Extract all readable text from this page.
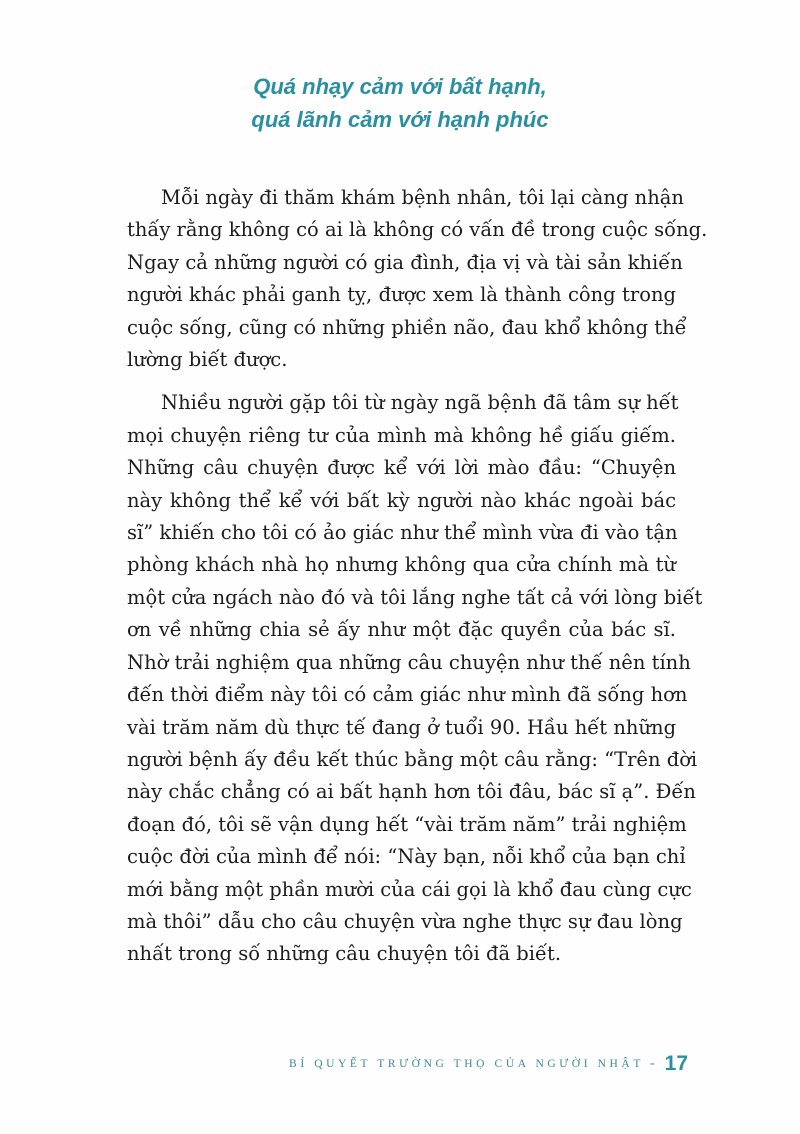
Quá nhạy cảm với bất hạnh,
quá lãnh cảm với hạnh phúc

Mỗi ngày đi thăm khám bệnh nhân, tôi lại càng nhận
thấy rằng không có ai là không có vấn đề trong cuộc sống.
Ngay cả những người có gia đình, địa vị và tài sản khiến
người khác phải ganh tỵ, được xem là thành công trong
cuộc sống, cũng có những phiền não, đau khổ không thể
lường biết được.

Nhiều người gặp tôi từ ngày ngã bệnh đã tâm sự hết
mọi chuyện riêng tư của mình mà không hề giấu giếm.
Những câu chuyện được kể với lời mào đầu: “Chuyện
này không thể kể với bất kỳ người nào khác ngoài bác
sĩ” khiến cho tôi có ảo giác như thể mình vừa đi vào tận
phòng khách nhà họ nhưng không qua cửa chính mà từ
một cửa ngách nào đó và tôi lắng nghe tất cả với lòng biết
ơn về những chia sẻ ấy như một đặc quyền của bác sĩ.
Nhờ trải nghiệm qua những câu chuyện như thế nên tính
đến thời điểm này tôi có cảm giác như mình đã sống hơn
vài trăm năm dù thực tế đang ở tuổi 90. Hầu hết những
người bệnh ấy đều kết thúc bằng một câu rằng: “Trên đời
này chắc chẳng có ai bất hạnh hơn tôi đâu, bác sĩ ạ”. Đến
đoạn đó, tôi sẽ vận dụng hết “vài trăm năm” trải nghiệm
cuộc đời của mình để nói: “Này bạn, nỗi khổ của bạn chỉ
mới bằng một phần mười của cái gọi là khổ đau cùng cực
mà thôi” dẫu cho câu chuyện vừa nghe thực sự đau lòng
nhất trong số những câu chuyện tôi đã biết.

BÍ QUYẾT TRƯỜNG THỌ CỦA NGƯỜI NHẬT - 17
